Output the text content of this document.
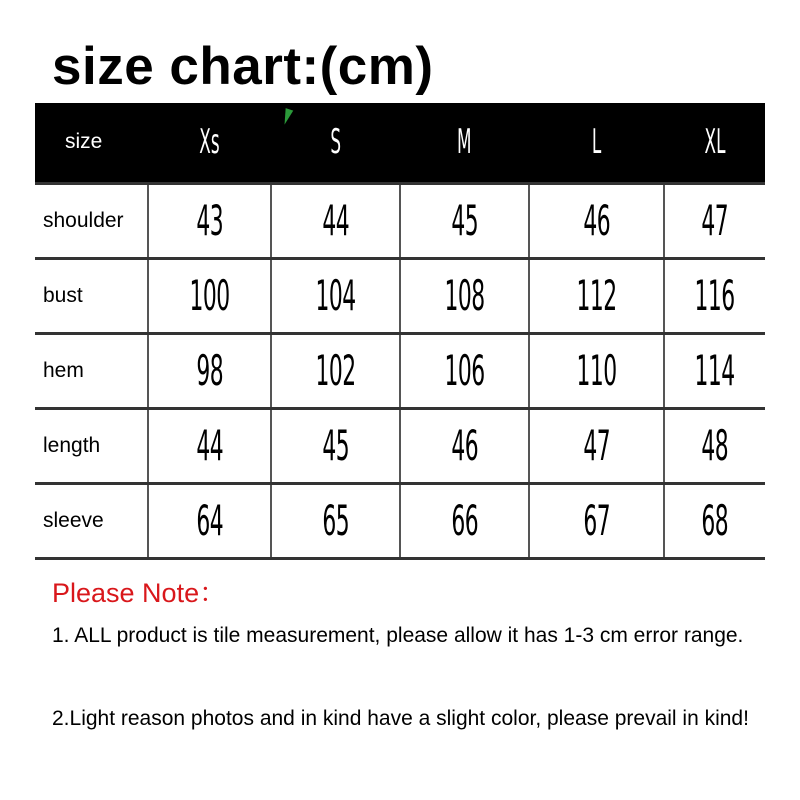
size chart:(cm)
size	Xs	S	M	L	XL
shoulder	43	44	45	46	47
bust	100	104	108	112	116
hem	98	102	106	110	114
length	44	45	46	47	48
sleeve	64	65	66	67	68

Please Note：

1. ALL product is tile measurement, please allow it has 1-3 cm error range.

2.Light reason photos and in kind have a slight color, please prevail in kind!
